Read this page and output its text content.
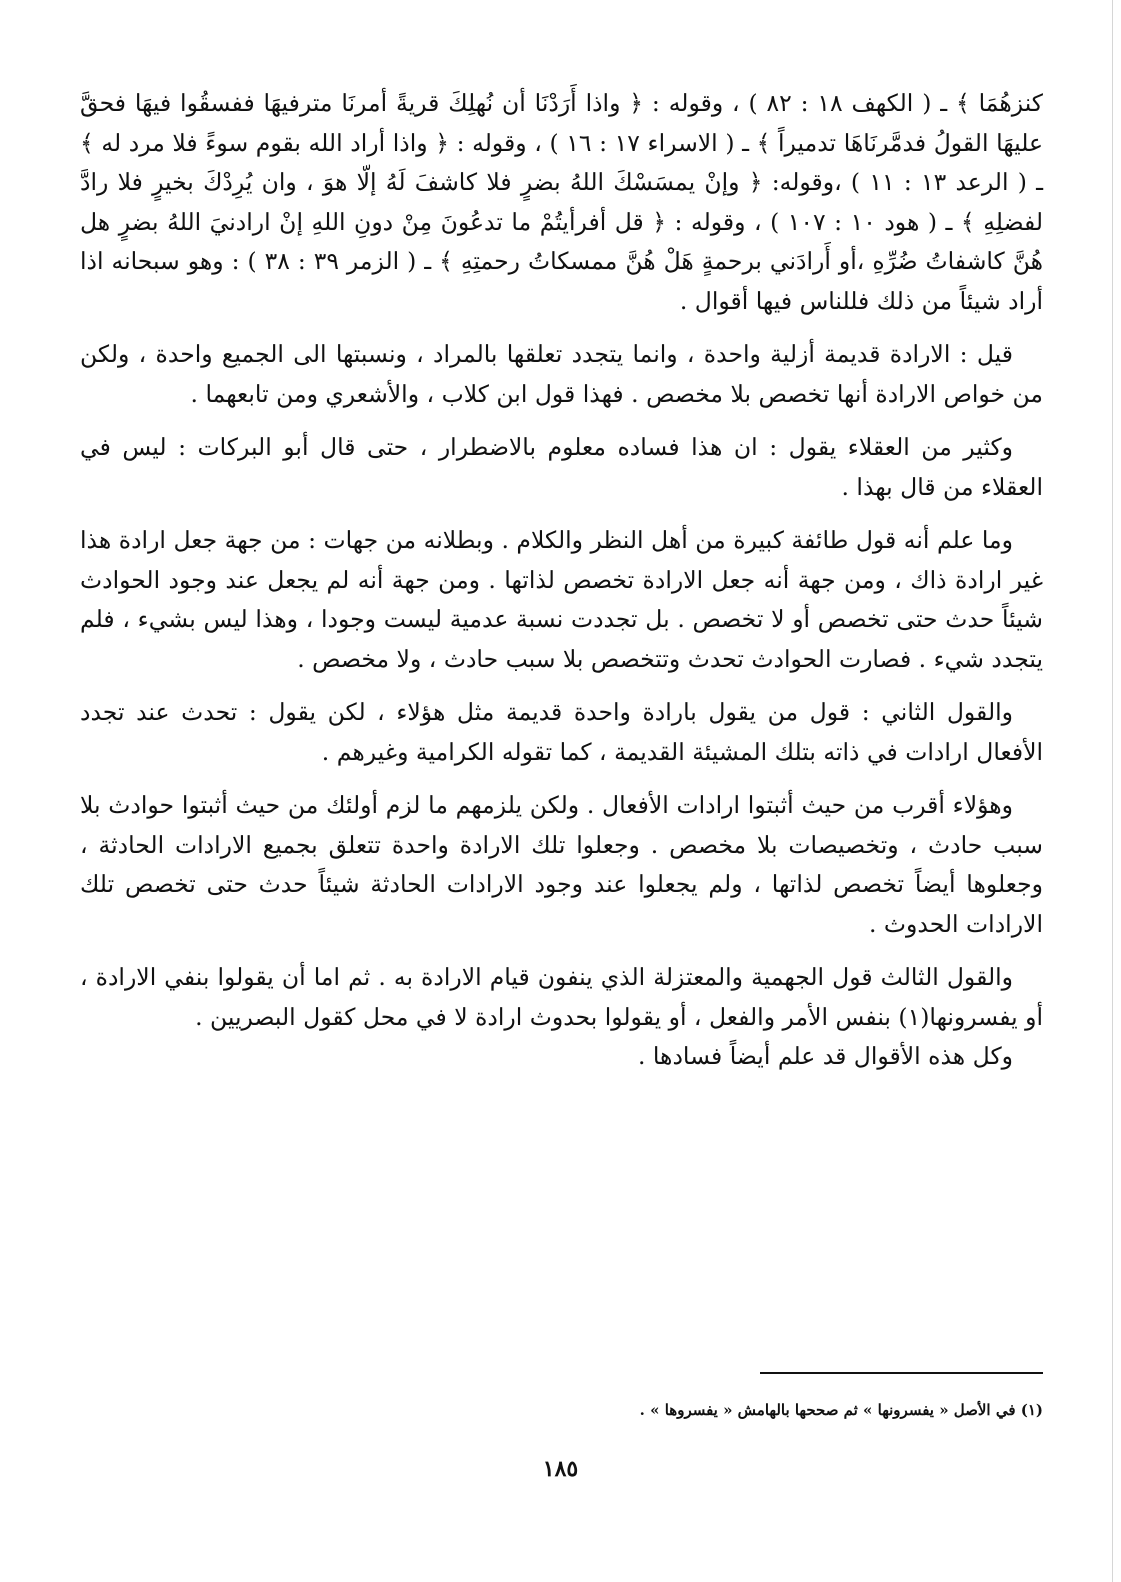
كنزهُمَا ﴾ ـ ( الكهف ١٨ : ٨٢ ) ، وقوله : ﴿ واذا أَرَدْنَا أن نُهلِكَ قريةً أمرنَا مترفيهَا ففسقُوا فيهَا فحقَّ عليهَا القولُ فدمَّرنَاهَا تدميراً ﴾ ـ ( الاسراء ١٧ : ١٦ ) ، وقوله : ﴿ واذا أراد الله بقوم سوءً فلا مرد له ﴾ ـ ( الرعد ١٣ : ١١ ) ،وقوله: ﴿ وإنْ يمسَسْكَ اللهُ بضرٍ فلا كاشفَ لَهُ إلّا هوَ ، وان يُرِدْكَ بخيرٍ فلا رادَّ لفضلِهِ ﴾ ـ ( هود ١٠ : ١٠٧ ) ، وقوله : ﴿ قل أفرأيتُمْ ما تدعُونَ مِنْ دونِ اللهِ إنْ ارادنيَ اللهُ بضرٍ هل هُنَّ كاشفاتُ ضُرِّهِ ،أو أَرادَني برحمةٍ هَلْ هُنَّ ممسكاتُ رحمتِهِ ﴾ ـ ( الزمر ٣٩ : ٣٨ ) : وهو سبحانه اذا أراد شيئاً من ذلك فللناس فيها أقوال .

قيل : الارادة قديمة أزلية واحدة ، وانما يتجدد تعلقها بالمراد ، ونسبتها الى الجميع واحدة ، ولكن من خواص الارادة أنها تخصص بلا مخصص . فهذا قول ابن كلاب ، والأشعري ومن تابعهما .

وكثير من العقلاء يقول : ان هذا فساده معلوم بالاضطرار ، حتى قال أبو البركات : ليس في العقلاء من قال بهذا .

وما علم أنه قول طائفة كبيرة من أهل النظر والكلام . وبطلانه من جهات : من جهة جعل ارادة هذا غير ارادة ذاك ، ومن جهة أنه جعل الارادة تخصص لذاتها . ومن جهة أنه لم يجعل عند وجود الحوادث شيئاً حدث حتى تخصص أو لا تخصص . بل تجددت نسبة عدمية ليست وجودا ، وهذا ليس بشيء ، فلم يتجدد شيء . فصارت الحوادث تحدث وتتخصص بلا سبب حادث ، ولا مخصص .

والقول الثاني : قول من يقول بارادة واحدة قديمة مثل هؤلاء ، لكن يقول : تحدث عند تجدد الأفعال ارادات في ذاته بتلك المشيئة القديمة ، كما تقوله الكرامية وغيرهم .

وهؤلاء أقرب من حيث أثبتوا ارادات الأفعال . ولكن يلزمهم ما لزم أولئك من حيث أثبتوا حوادث بلا سبب حادث ، وتخصيصات بلا مخصص . وجعلوا تلك الارادة واحدة تتعلق بجميع الارادات الحادثة ، وجعلوها أيضاً تخصص لذاتها ، ولم يجعلوا عند وجود الارادات الحادثة شيئاً حدث حتى تخصص تلك الارادات الحدوث .

والقول الثالث قول الجهمية والمعتزلة الذي ينفون قيام الارادة به . ثم اما أن يقولوا بنفي الارادة ، أو يفسرونها(١) بنفس الأمر والفعل ، أو يقولوا بحدوث ارادة لا في محل كقول البصريين .

وكل هذه الأقوال قد علم أيضاً فسادها .

(١) في الأصل « يفسرونها » ثم صححها بالهامش « يفسروها » .
١٨٥
